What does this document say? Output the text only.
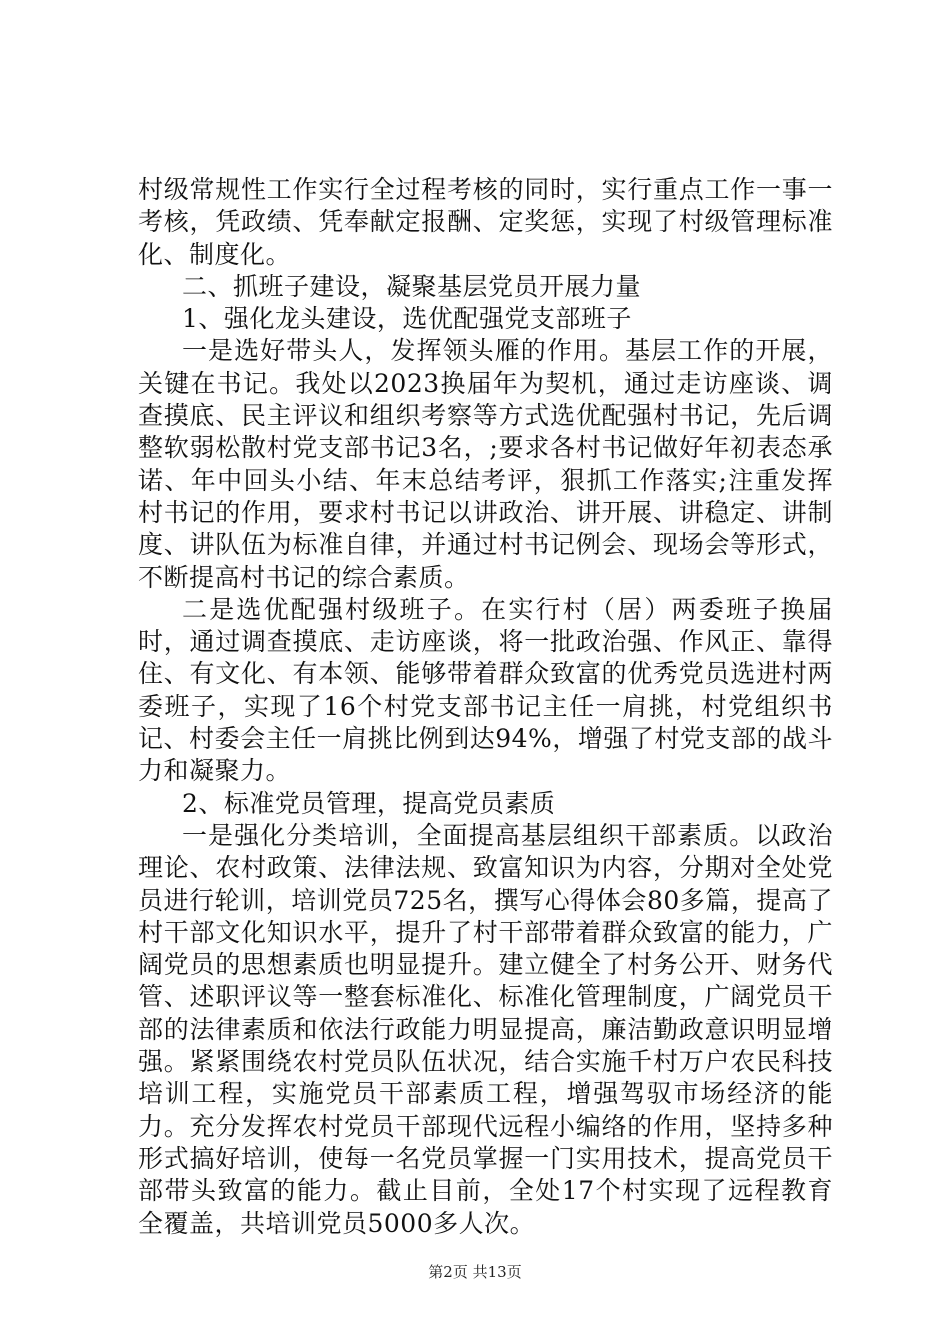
村级常规性工作实行全过程考核的同时，实行重点工作一事一考核，凭政绩、凭奉献定报酬、定奖惩，实现了村级管理标准化、制度化。

二、抓班子建设，凝聚基层党员开展力量

1、强化龙头建设，选优配强党支部班子

一是选好带头人，发挥领头雁的作用。基层工作的开展，关键在书记。我处以2023换届年为契机，通过走访座谈、调查摸底、民主评议和组织考察等方式选优配强村书记，先后调整软弱松散村党支部书记3名，;要求各村书记做好年初表态承诺、年中回头小结、年末总结考评，狠抓工作落实;注重发挥村书记的作用，要求村书记以讲政治、讲开展、讲稳定、讲制度、讲队伍为标准自律，并通过村书记例会、现场会等形式，不断提高村书记的综合素质。

二是选优配强村级班子。在实行村（居）两委班子换届时，通过调查摸底、走访座谈，将一批政治强、作风正、靠得住、有文化、有本领、能够带着群众致富的优秀党员选进村两委班子，实现了16个村党支部书记主任一肩挑，村党组织书记、村委会主任一肩挑比例到达94%，增强了村党支部的战斗力和凝聚力。

2、标准党员管理，提高党员素质

一是强化分类培训，全面提高基层组织干部素质。以政治理论、农村政策、法律法规、致富知识为内容，分期对全处党员进行轮训，培训党员725名，撰写心得体会80多篇，提高了村干部文化知识水平，提升了村干部带着群众致富的能力，广阔党员的思想素质也明显提升。建立健全了村务公开、财务代管、述职评议等一整套标准化、标准化管理制度，广阔党员干部的法律素质和依法行政能力明显提高，廉洁勤政意识明显增强。紧紧围绕农村党员队伍状况，结合实施千村万户农民科技培训工程，实施党员干部素质工程，增强驾驭市场经济的能力。充分发挥农村党员干部现代远程小编络的作用，坚持多种形式搞好培训，使每一名党员掌握一门实用技术，提高党员干部带头致富的能力。截止目前，全处17个村实现了远程教育全覆盖，共培训党员5000多人次。

第2页 共13页
